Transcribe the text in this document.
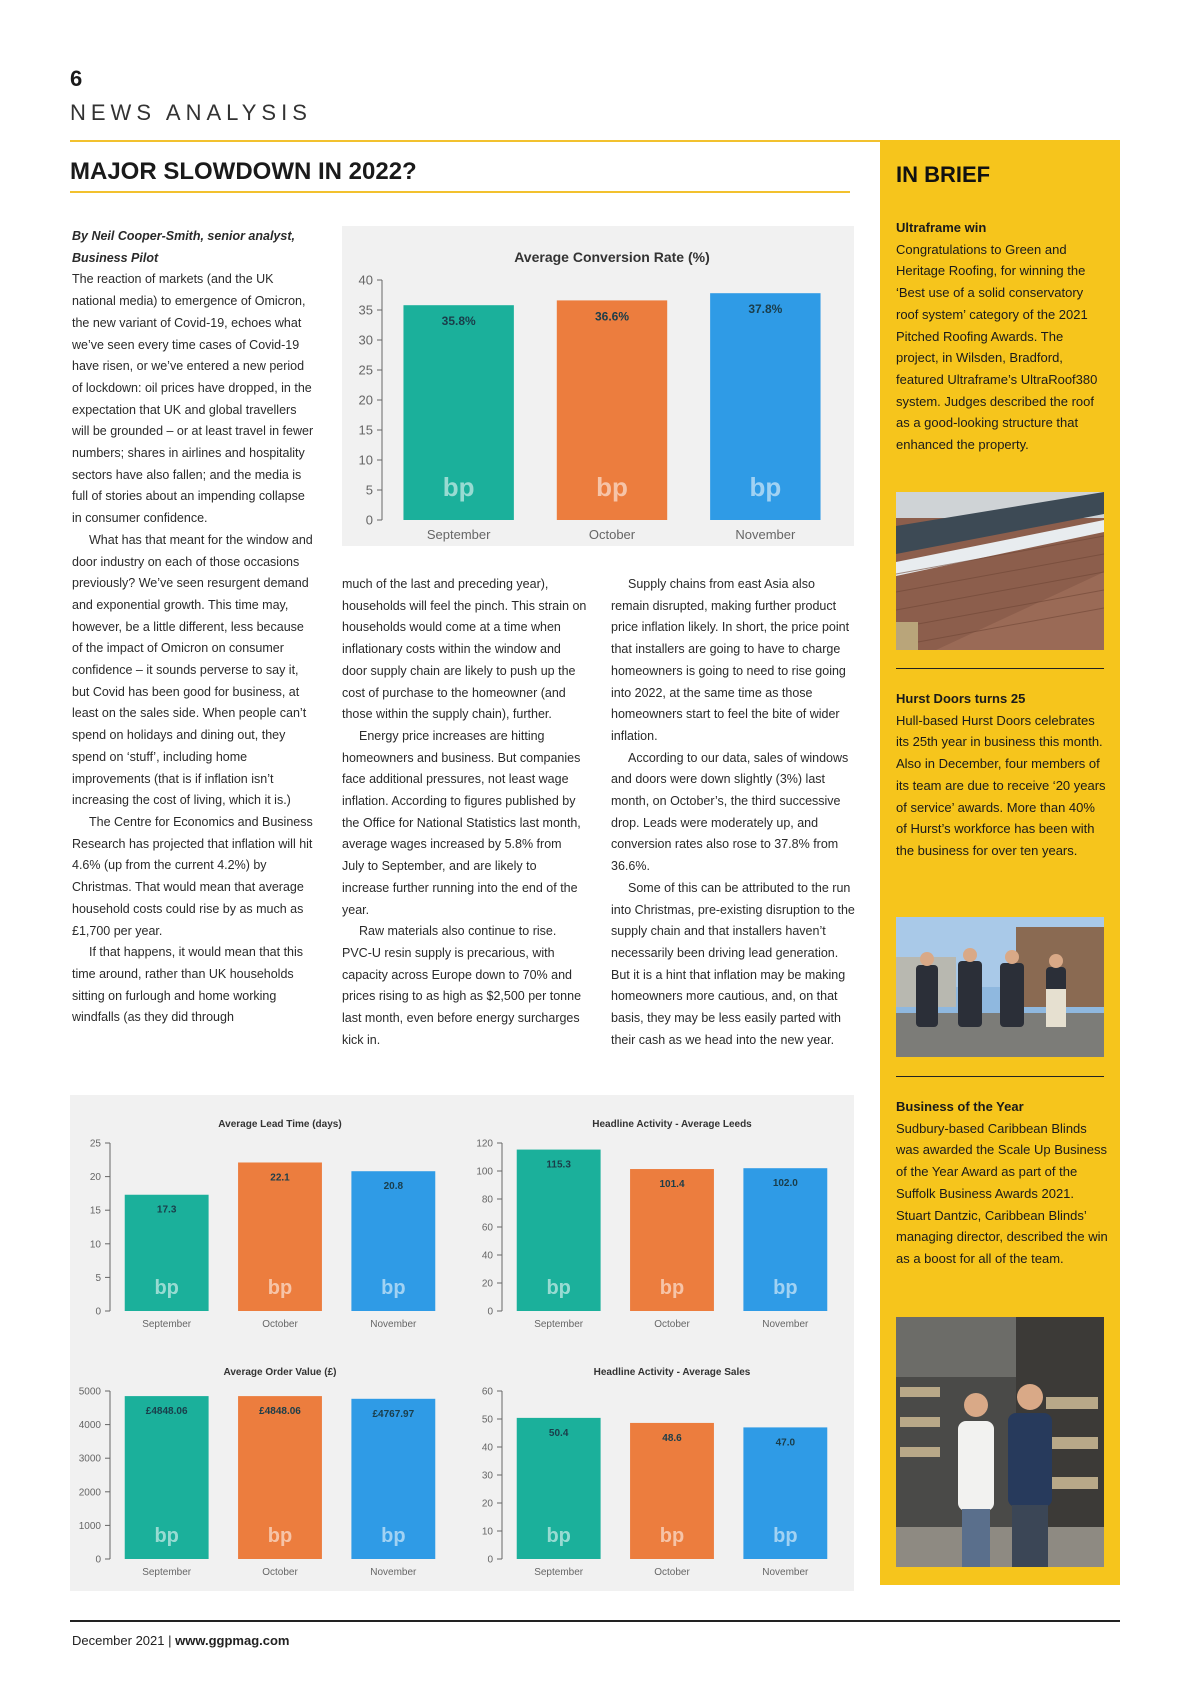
6
NEWS ANALYSIS
MAJOR SLOWDOWN IN 2022?

By Neil Cooper-Smith, senior analyst, Business Pilot

The reaction of markets (and the UK national media) to emergence of Omicron, the new variant of Covid-19, echoes what we’ve seen every time cases of Covid-19 have risen, or we’ve entered a new period of lockdown: oil prices have dropped, in the expectation that UK and global travellers will be grounded – or at least travel in fewer numbers; shares in airlines and hospitality sectors have also fallen; and the media is full of stories about an impending collapse in consumer confidence.

What has that meant for the window and door industry on each of those occasions previously? We’ve seen resurgent demand and exponential growth. This time may, however, be a little different, less because of the impact of Omicron on consumer confidence – it sounds perverse to say it, but Covid has been good for business, at least on the sales side. When people can’t spend on holidays and dining out, they spend on ‘stuff’, including home improvements (that is if inflation isn’t increasing the cost of living, which it is.)

The Centre for Economics and Business Research has projected that inflation will hit 4.6% (up from the current 4.2%) by Christmas. That would mean that average household costs could rise by as much as £1,700 per year.

If that happens, it would mean that this time around, rather than UK households sitting on furlough and home working windfalls (as they did through

much of the last and preceding year), households will feel the pinch. This strain on households would come at a time when inflationary costs within the window and door supply chain are likely to push up the cost of purchase to the homeowner (and those within the supply chain), further.

Energy price increases are hitting homeowners and business. But companies face additional pressures, not least wage inflation. According to figures published by the Office for National Statistics last month, average wages increased by 5.8% from July to September, and are likely to increase further running into the end of the year.

Raw materials also continue to rise. PVC-U resin supply is precarious, with capacity across Europe down to 70% and prices rising to as high as $2,500 per tonne last month, even before energy surcharges kick in.

Supply chains from east Asia also remain disrupted, making further product price inflation likely. In short, the price point that installers are going to have to charge homeowners is going to need to rise going into 2022, at the same time as those homeowners start to feel the bite of wider inflation.

According to our data, sales of windows and doors were down slightly (3%) last month, on October’s, the third successive drop. Leads were moderately up, and conversion rates also rose to 37.8% from 36.6%.

Some of this can be attributed to the run into Christmas, pre-existing disruption to the supply chain and that installers haven’t necessarily been driving lead generation. But it is a hint that inflation may be making homeowners more cautious, and, on that basis, they may be less easily parted with their cash as we head into the new year.

Average Conversion Rate (%)
0
5
10
15
20
25
30
35
40
35.8%
bp
September
36.6%
bp
October
37.8%
bp
November
Average Lead Time (days)
0
5
10
15
20
25
17.3
bp
September
22.1
bp
October
20.8
bp
November
Headline Activity - Average Leeds
0
20
40
60
80
100
120
115.3
bp
September
101.4
bp
October
102.0
bp
November
Average Order Value (£)
0
1000
2000
3000
4000
5000
£4848.06
bp
September
£4848.06
bp
October
£4767.97
bp
November
Headline Activity - Average Sales
0
10
20
30
40
50
60
50.4
bp
September
48.6
bp
October
47.0
bp
November
IN BRIEF
Ultraframe win
Congratulations to Green and Heritage Roofing, for winning the ‘Best use of a solid conservatory roof system’ category of the 2021 Pitched Roofing Awards. The project, in Wilsden, Bradford, featured Ultraframe’s UltraRoof380 system. Judges described the roof as a good-looking structure that enhanced the property.
Hurst Doors turns 25
Hull-based Hurst Doors celebrates its 25th year in business this month. Also in December, four members of its team are due to receive ‘20 years of service’ awards. More than 40% of Hurst’s workforce has been with the business for over ten years.
Business of the Year
Sudbury-based Caribbean Blinds was awarded the Scale Up Business of the Year Award as part of the Suffolk Business Awards 2021. Stuart Dantzic, Caribbean Blinds’ managing director, described the win as a boost for all of the team.
December 2021 | www.ggpmag.com
